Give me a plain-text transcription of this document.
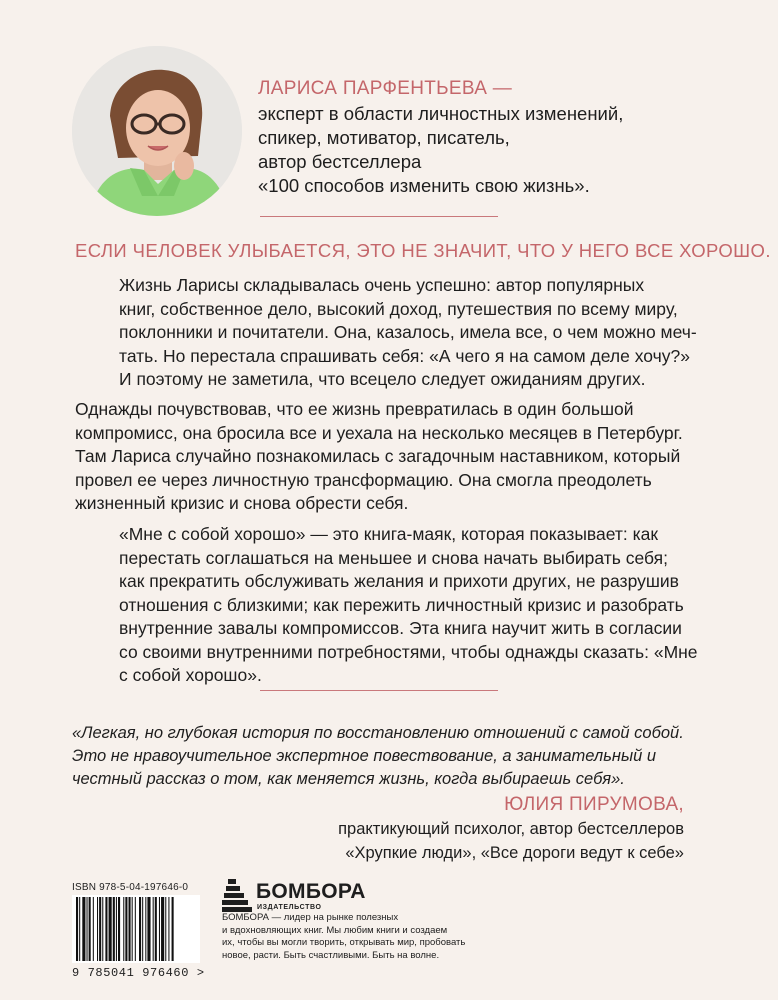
ЛАРИСА ПАРФЕНТЬЕВА —
эксперт в области личностных изменений,
спикер, мотиватор, писатель,
автор бестселлера
«100 способов изменить свою жизнь».
ЕСЛИ ЧЕЛОВЕК УЛЫБАЕТСЯ, ЭТО НЕ ЗНАЧИТ, ЧТО У НЕГО ВСЕ ХОРОШО.
Жизнь Ларисы складывалась очень успешно: автор популярных
книг, собственное дело, высокий доход, путешествия по всему миру,
поклонники и почитатели. Она, казалось, имела все, о чем можно меч-
тать. Но перестала спрашивать себя: «А чего я на самом деле хочу?»
И поэтому не заметила, что всецело следует ожиданиям других.
Однажды почувствовав, что ее жизнь превратилась в один большой
компромисс, она бросила все и уехала на несколько месяцев в Петербург.
Там Лариса случайно познакомилась с загадочным наставником, который
провел ее через личностную трансформацию. Она смогла преодолеть
жизненный кризис и снова обрести себя.
«Мне с собой хорошо» — это книга-маяк, которая показывает: как
перестать соглашаться на меньшее и снова начать выбирать себя;
как прекратить обслуживать желания и прихоти других, не разрушив
отношения с близкими; как пережить личностный кризис и разобрать
внутренние завалы компромиссов. Эта книга научит жить в согласии
со своими внутренними потребностями, чтобы однажды сказать: «Мне
с собой хорошо».
«Легкая, но глубокая история по восстановлению отношений с самой собой.
Это не нравоучительное экспертное повествование, а занимательный и
честный рассказ о том, как меняется жизнь, когда выбираешь себя».
ЮЛИЯ ПИРУМОВА,
практикующий психолог, автор бестселлеров
«Хрупкие люди», «Все дороги ведут к себе»
ISBN 978-5-04-197646-0
9 785041 976460 >
БОМБОРА
ИЗДАТЕЛЬСТВО
БОМБОРА — лидер на рынке полезных
и вдохновляющих книг. Мы любим книги и создаем
их, чтобы вы могли творить, открывать мир, пробовать
новое, расти. Быть счастливыми. Быть на волне.
